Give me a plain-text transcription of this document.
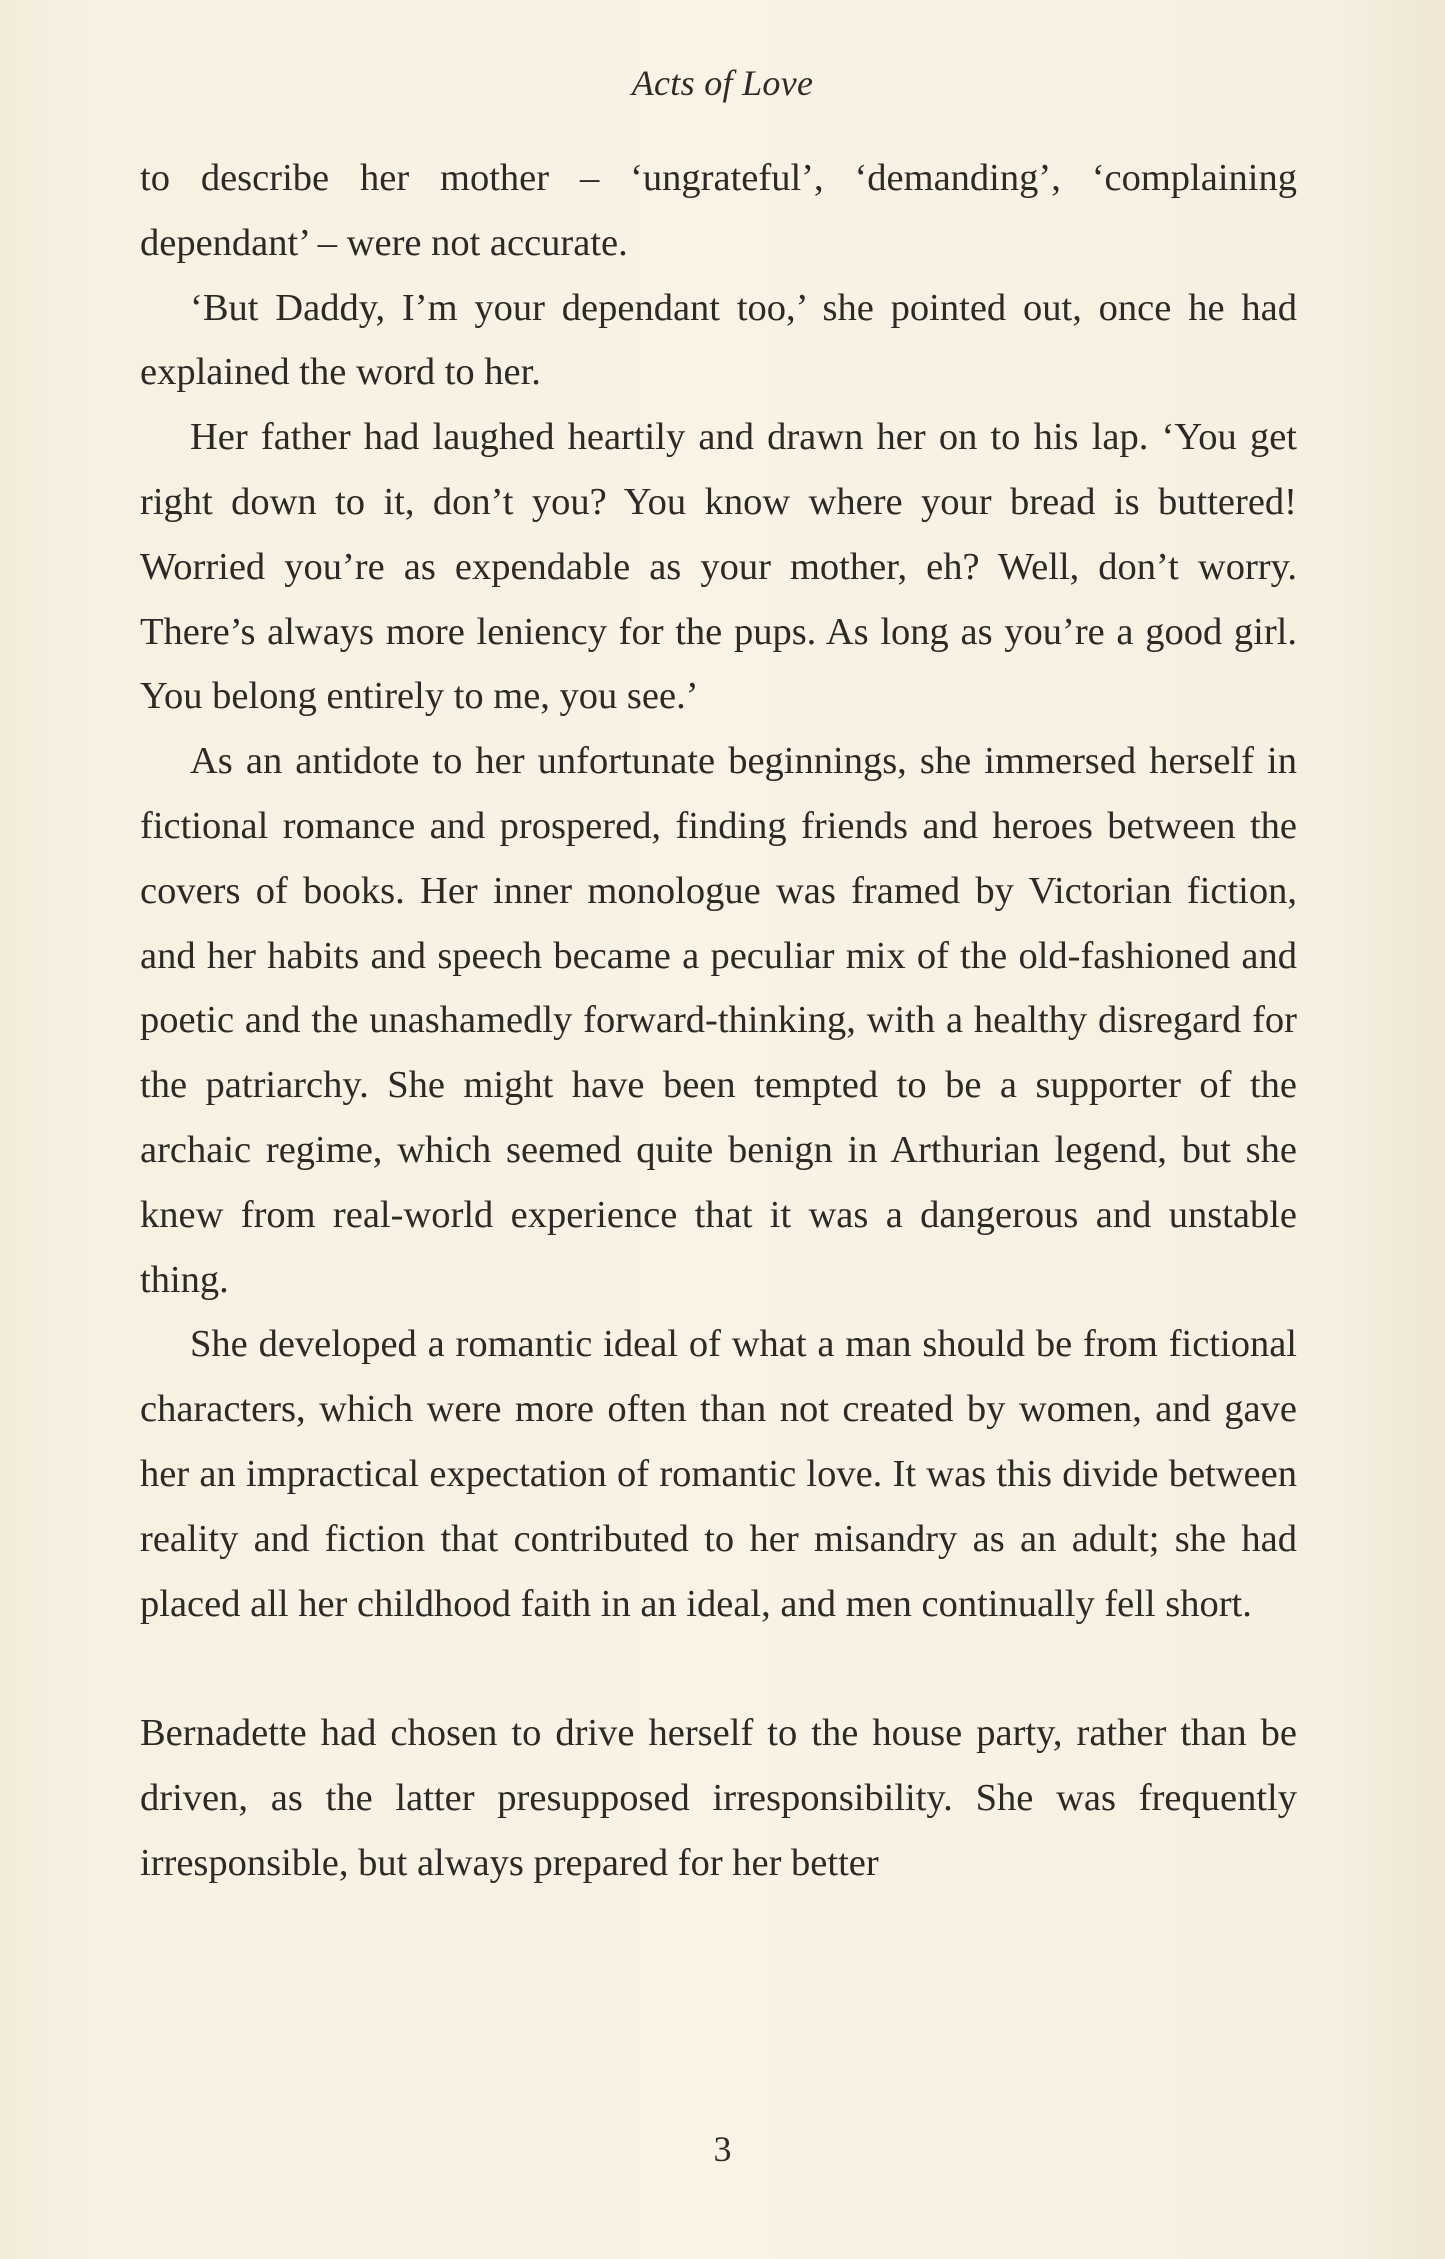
Acts of Love

to describe her mother – ‘ungrateful’, ‘demanding’, ‘complaining dependant’ – were not accurate.

‘But Daddy, I’m your dependant too,’ she pointed out, once he had explained the word to her.

Her father had laughed heartily and drawn her on to his lap. ‘You get right down to it, don’t you? You know where your bread is buttered! Worried you’re as expendable as your mother, eh? Well, don’t worry. There’s always more leniency for the pups. As long as you’re a good girl. You belong entirely to me, you see.’

As an antidote to her unfortunate beginnings, she immersed herself in fictional romance and prospered, finding friends and heroes between the covers of books. Her inner monologue was framed by Victorian fiction, and her habits and speech became a peculiar mix of the old-fashioned and poetic and the unashamedly forward-thinking, with a healthy disregard for the patriarchy. She might have been tempted to be a supporter of the archaic regime, which seemed quite benign in Arthurian legend, but she knew from real-world experience that it was a dangerous and unstable thing.

She developed a romantic ideal of what a man should be from fictional characters, which were more often than not created by women, and gave her an impractical expectation of romantic love. It was this divide between reality and fiction that contributed to her misandry as an adult; she had placed all her childhood faith in an ideal, and men continually fell short.

Bernadette had chosen to drive herself to the house party, rather than be driven, as the latter presupposed irresponsibility. She was frequently irresponsible, but always prepared for her better

3
